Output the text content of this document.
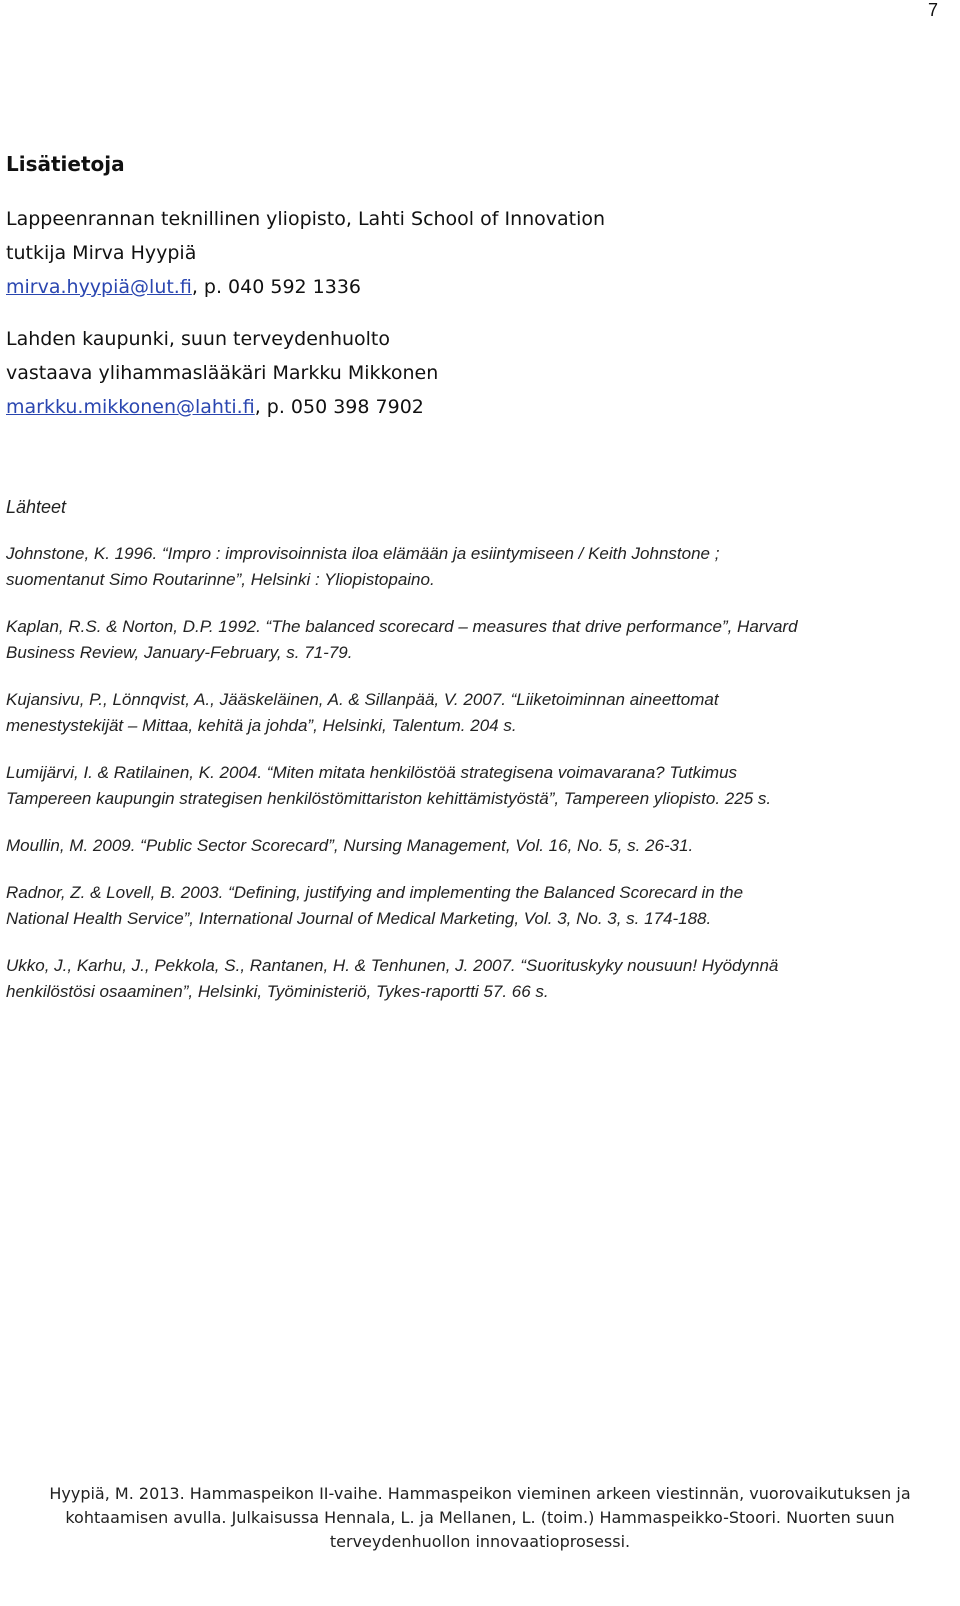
7
Lisätietoja
Lappeenrannan teknillinen yliopisto, Lahti School of Innovation
tutkija Mirva Hyypiä
mirva.hyypiä@lut.fi, p. 040 592 1336
Lahden kaupunki, suun terveydenhuolto
vastaava ylihammaslääkäri Markku Mikkonen
markku.mikkonen@lahti.fi, p. 050 398 7902
Lähteet
Johnstone, K. 1996. “Impro : improvisoinnista iloa elämään ja esiintymiseen / Keith Johnstone ;
suomentanut Simo Routarinne”, Helsinki : Yliopistopaino.
Kaplan, R.S. & Norton, D.P. 1992. “The balanced scorecard – measures that drive performance”, Harvard
Business Review, January-February, s. 71-79.
Kujansivu, P., Lönnqvist, A., Jääskeläinen, A. & Sillanpää, V. 2007. “Liiketoiminnan aineettomat
menestystekijät – Mittaa, kehitä ja johda”, Helsinki, Talentum. 204 s.
Lumijärvi, I. & Ratilainen, K. 2004. “Miten mitata henkilöstöä strategisena voimavarana? Tutkimus
Tampereen kaupungin strategisen henkilöstömittariston kehittämistyöstä”, Tampereen yliopisto. 225 s.
Moullin, M. 2009. “Public Sector Scorecard”, Nursing Management, Vol. 16, No. 5, s. 26-31.
Radnor, Z. & Lovell, B. 2003. “Defining, justifying and implementing the Balanced Scorecard in the
National Health Service”, International Journal of Medical Marketing, Vol. 3, No. 3, s. 174-188.
Ukko, J., Karhu, J., Pekkola, S., Rantanen, H. & Tenhunen, J. 2007. “Suorituskyky nousuun! Hyödynnä
henkilöstösi osaaminen”, Helsinki, Työministeriö, Tykes-raportti 57. 66 s.
Hyypiä, M. 2013. Hammaspeikon II-vaihe. Hammaspeikon vieminen arkeen viestinnän, vuorovaikutuksen ja
kohtaamisen avulla. Julkaisussa Hennala, L. ja Mellanen, L. (toim.) Hammaspeikko-Stoori. Nuorten suun
terveydenhuollon innovaatioprosessi.
